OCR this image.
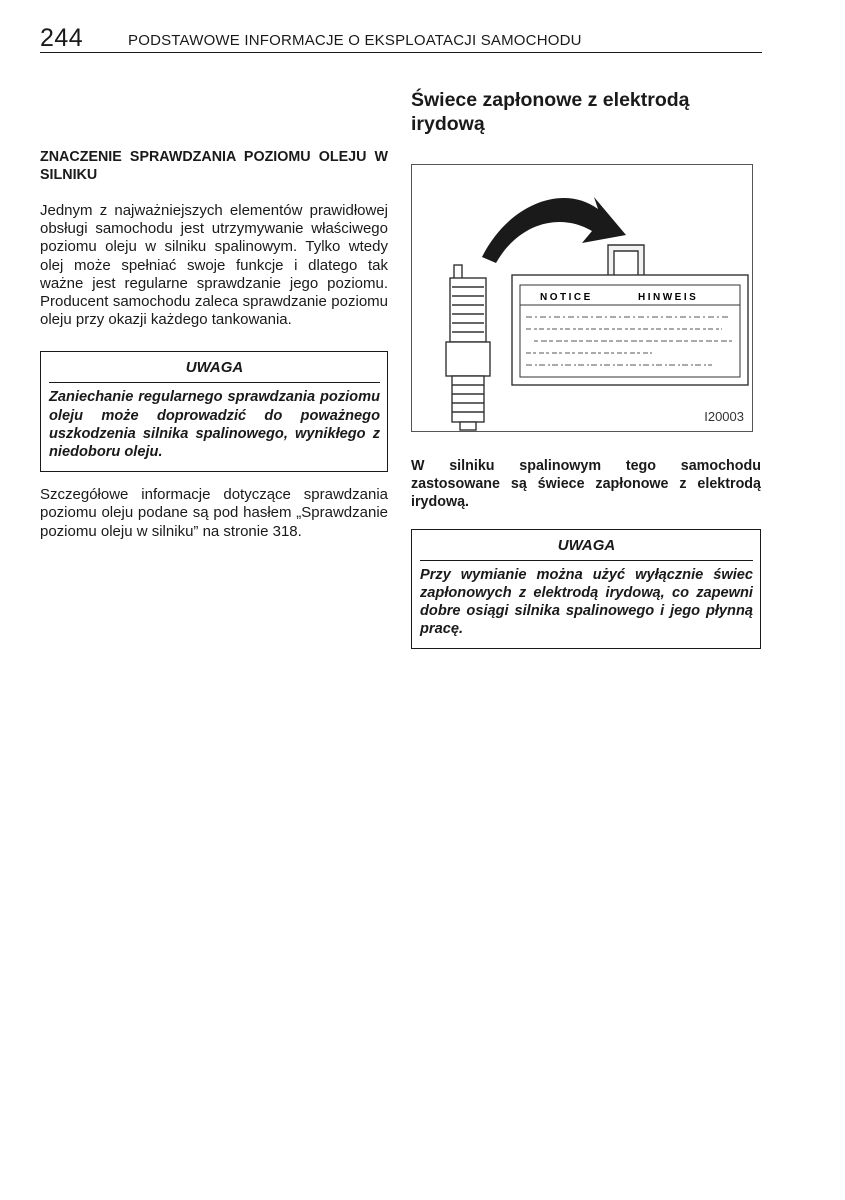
244	PODSTAWOWE INFORMACJE O EKSPLOATACJI SAMOCHODU

ZNACZENIE SPRAWDZANIA POZIOMU OLEJU W SILNIKU

Jednym z najważniejszych elementów prawidłowej obsługi samochodu jest utrzymywanie właściwego poziomu oleju w silniku spalinowym. Tylko wtedy olej może spełniać swoje funkcje i dlatego tak ważne jest regularne sprawdzanie jego poziomu. Producent samochodu zaleca sprawdzanie poziomu oleju przy okazji każdego tankowania.

UWAGA

Zaniechanie regularnego sprawdzania poziomu oleju może doprowadzić do poważnego uszkodzenia silnika spalinowego, wynikłego z niedoboru oleju.

Szczegółowe informacje dotyczące sprawdzania poziomu oleju podane są pod hasłem „Sprawdzanie poziomu oleju w silniku” na stronie 318.

Świece zapłonowe z elektrodą irydową
NOTICE	HINWEIS
I20003

W silniku spalinowym tego samochodu zastosowane są świece zapłonowe z elektrodą irydową.

UWAGA

Przy wymianie można użyć wyłącznie świec zapłonowych z elektrodą irydową, co zapewni dobre osiągi silnika spalinowego i jego płynną pracę.
